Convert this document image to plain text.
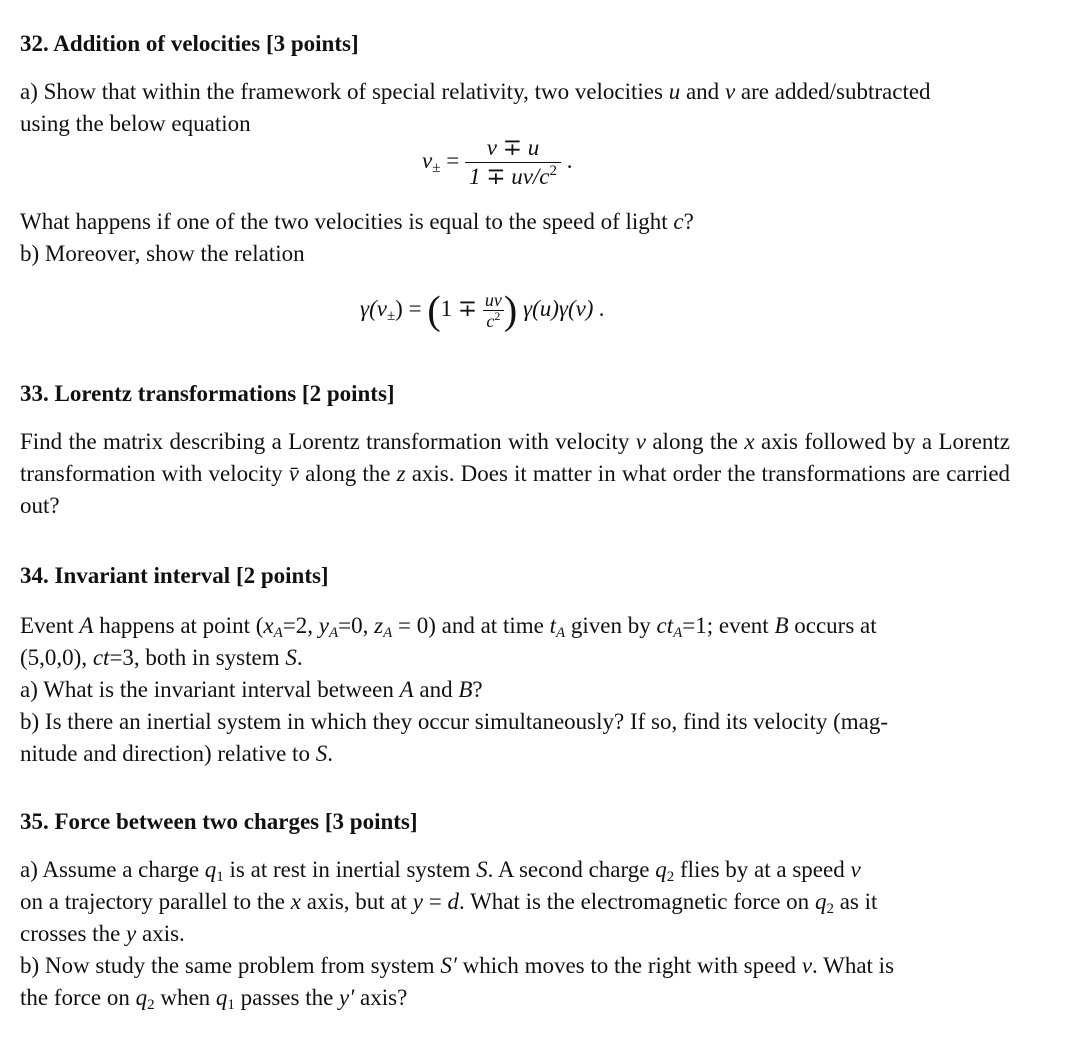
32. Addition of velocities [3 points]
a) Show that within the framework of special relativity, two velocities u and v are added/subtracted
using the below equation
$v_\pm = \frac{v \mp u}{1 \mp uv/c^2}$ .
What happens if one of the two velocities is equal to the speed of light c?
b) Moreover, show the relation
$\gamma(v_\pm) = (1 \mp \frac{uv}{c^2}$ ) γ(u)γ(v) .
33. Lorentz transformations [2 points]
Find the matrix describing a Lorentz transformation with velocity v along the x axis followed by a Lorentz transformation with velocity v̄ along the z axis. Does it matter in what order the transformations are carried out?
34. Invariant interval [2 points]
Event A happens at point ($x_A=2$, $y_A=0$, $z_A = 0$) and at time $t_A$ given by $ct_A=1$; event B occurs at
(5,0,0), ct=3, both in system S.
a) What is the invariant interval between A and B?
b) Is there an inertial system in which they occur simultaneously? If so, find its velocity (mag-
nitude and direction) relative to S.
35. Force between two charges [3 points]
a) Assume a charge $q_1$ is at rest in inertial system S. A second charge $q_2$ flies by at a speed v
on a trajectory parallel to the x axis, but at y = d. What is the electromagnetic force on $q_2$ as it
crosses the y axis.
b) Now study the same problem from system S′ which moves to the right with speed v. What is
the force on $q_2$ when $q_1$ passes the y′ axis?
